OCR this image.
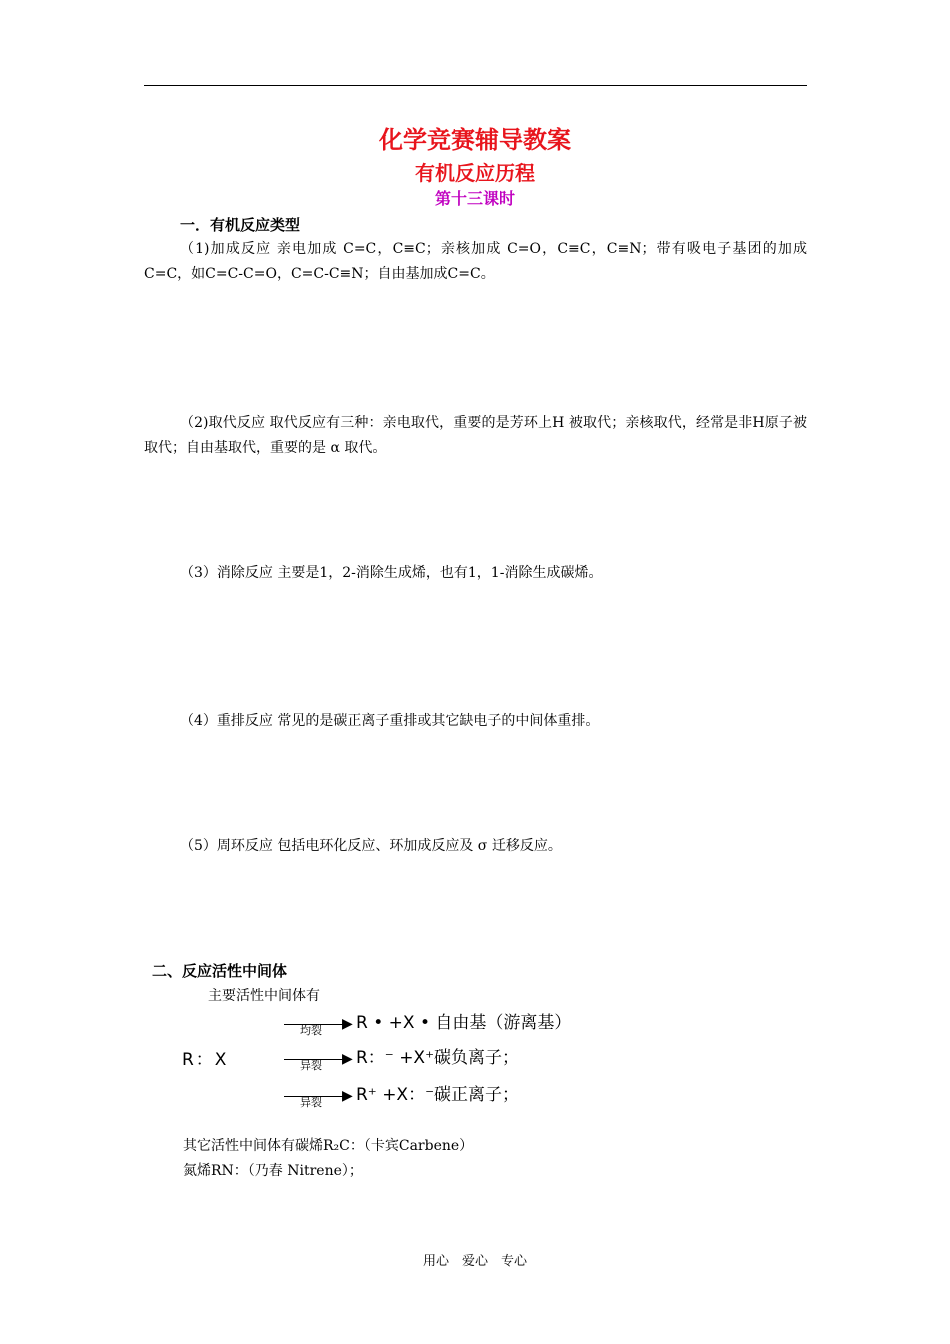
化学竞赛辅导教案
有机反应历程
第十三课时
一．有机反应类型
（1)加成反应 亲电加成 C=C，C≡C；亲核加成 C=O，C≡C，C≡N；带有吸电子基团的加成C=C，如C=C-C=O，C=C-C≡N；自由基加成C=C。
（2)取代反应 取代反应有三种：亲电取代，重要的是芳环上H 被取代；亲核取代，经常是非H原子被取代；自由基取代，重要的是 α 取代。
（3）消除反应 主要是1，2-消除生成烯，也有1，1-消除生成碳烯。
（4）重排反应 常见的是碳正离子重排或其它缺电子的中间体重排。
（5）周环反应 包括电环化反应、环加成反应及 σ 迁移反应。
二、反应活性中间体
主要活性中间体有
R：X
▶
均裂 R • +X • 自由基（游离基）
▶
异裂 R：⁻ +X⁺碳负离子；
▶
异裂 R⁺ +X：⁻碳正离子；
其它活性中间体有碳烯R₂C：（卡宾Carbene）
氮烯RN：（乃春 Nitrene）；
用心　爱心　专心
